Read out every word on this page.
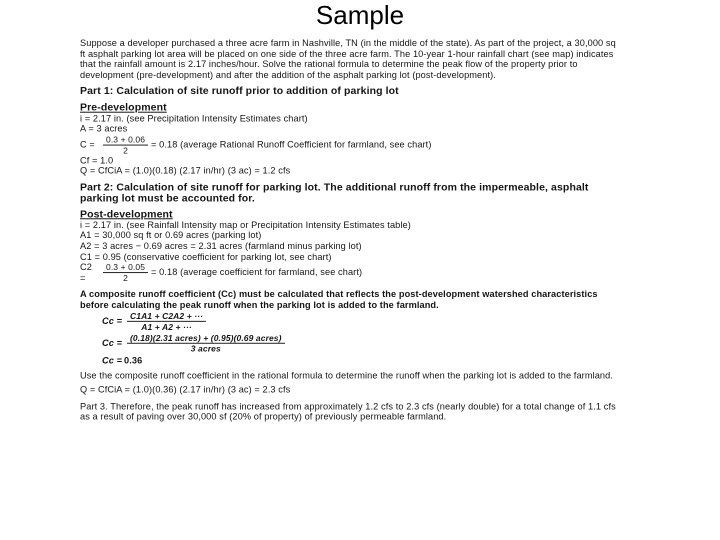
Sample

Suppose a developer purchased a three acre farm in Nashville, TN (in the middle of the state). As part of the project, a 30,000 sq ft asphalt parking lot area will be placed on one side of the three acre farm. The 10-year 1-hour rainfall chart (see map) indicates that the rainfall amount is 2.17 inches/hour. Solve the rational formula to determine the peak flow of the property prior to development (pre-development) and after the addition of the asphalt parking lot (post-development).

Part 1: Calculation of site runoff prior to addition of parking lot

Pre-development

i = 2.17 in. (see Precipitation Intensity Estimates chart)

A = 3 acres

$C = \frac{0.3 + 0.06}{2} = 0.18$ (average Rational Runoff Coefficient for farmland, see chart)

Cf = 1.0

Q = CfCiA = (1.0)(0.18) (2.17 in/hr) (3 ac) = 1.2 cfs

Part 2: Calculation of site runoff for parking lot. The additional runoff from the impermeable, asphalt parking lot must be accounted for.

Post-development

i = 2.17 in. (see Rainfall Intensity map or Precipitation Intensity Estimates table)

A1 = 30,000 sq ft or 0.69 acres (parking lot)

A2 = 3 acres − 0.69 acres = 2.31 acres (farmland minus parking lot)

C1 = 0.95 (conservative coefficient for parking lot, see chart)

C2 =	$\frac{0.3 + 0.05}{2} = 0.18$ (average coefficient for farmland, see chart)

A composite runoff coefficient (Cc) must be calculated that reflects the post-development watershed characteristics before calculating the peak runoff when the parking lot is added to the farmland.

$Cc = \frac{C1A1 + C2A2 + \cdot\cdot\cdot}{A1 + A2 + \cdot\cdot\cdot}$
$Cc = \frac{\text{(0.18)(2.31 acres) + (0.95)(0.69 acres)}}{\text{3 acres}}$
Cc = 0.36

Use the composite runoff coefficient in the rational formula to determine the runoff when the parking lot is added to the farmland.

Q = CfCiA = (1.0)(0.36) (2.17 in/hr) (3 ac) = 2.3 cfs

Part 3. Therefore, the peak runoff has increased from approximately 1.2 cfs to 2.3 cfs (nearly double) for a total change of 1.1 cfs as a result of paving over 30,000 sf (20% of property) of previously permeable farmland.
